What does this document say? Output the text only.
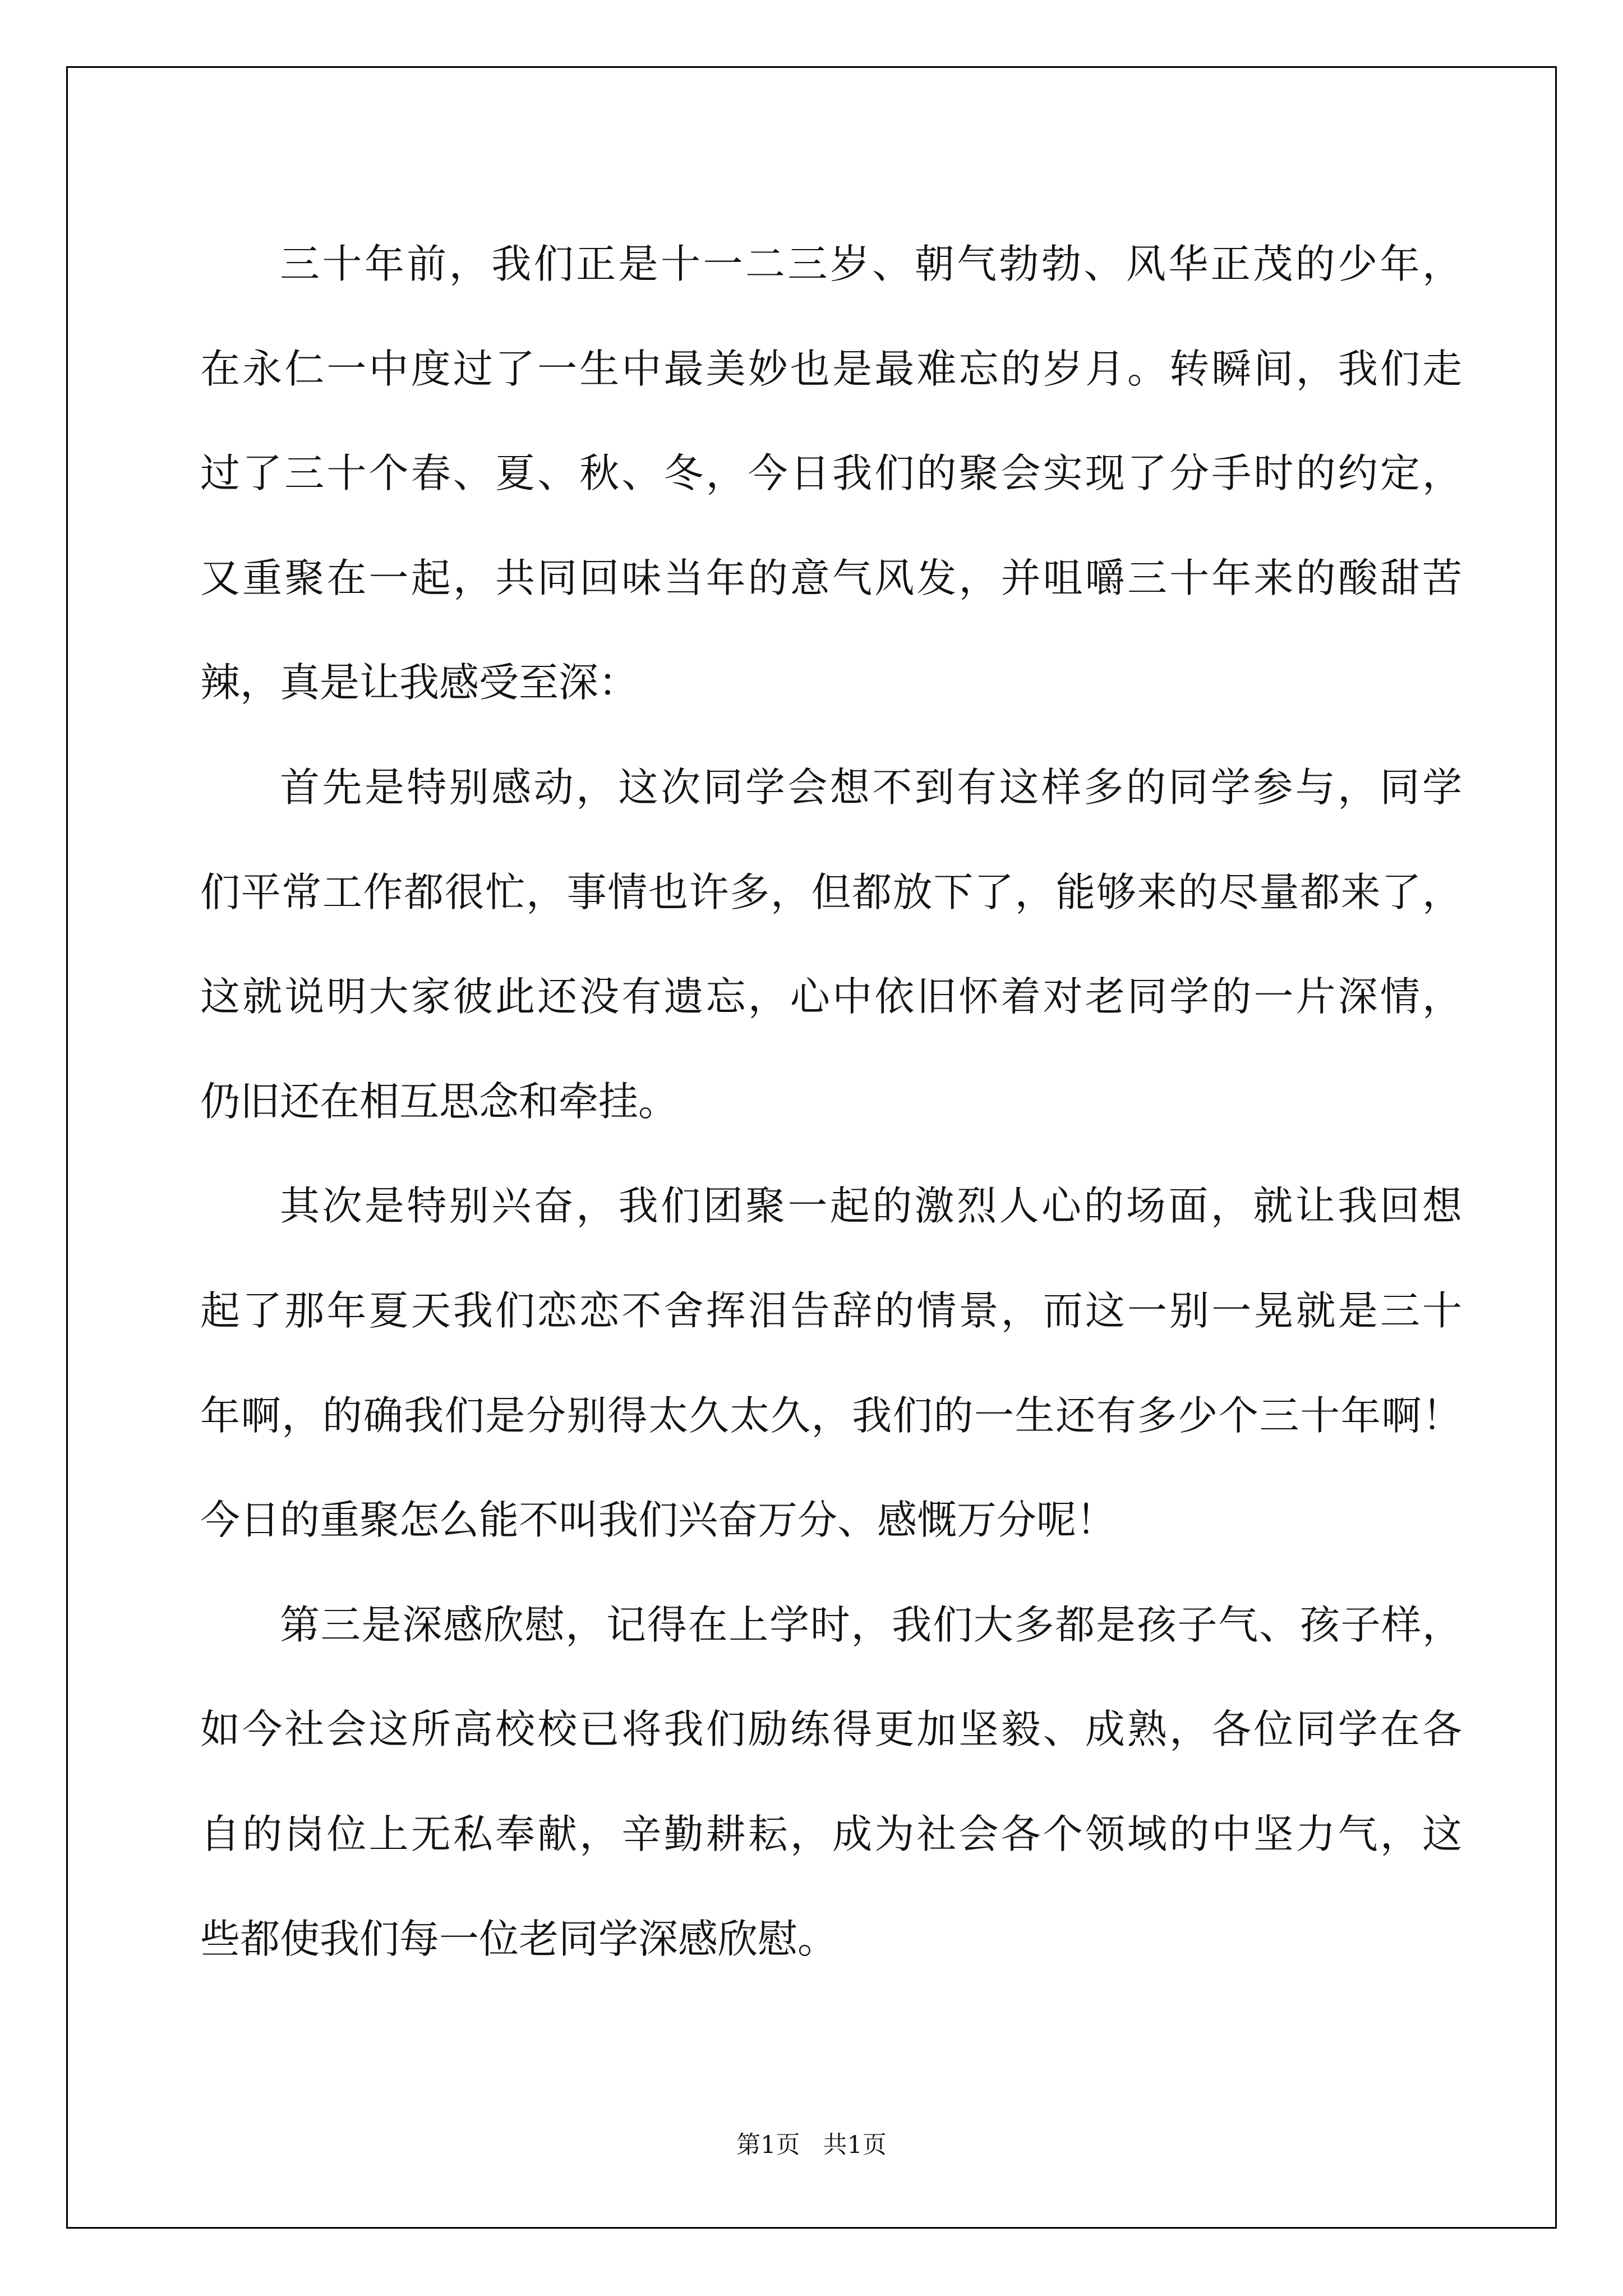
三十年前，我们正是十一二三岁、朝气勃勃、风华正茂的少年，
在永仁一中度过了一生中最美妙也是最难忘的岁月。转瞬间，我们走
过了三十个春、夏、秋、冬，今日我们的聚会实现了分手时的约定，
又重聚在一起，共同回味当年的意气风发，并咀嚼三十年来的酸甜苦
辣，真是让我感受至深：

首先是特别感动，这次同学会想不到有这样多的同学参与，同学
们平常工作都很忙，事情也许多，但都放下了，能够来的尽量都来了，
这就说明大家彼此还没有遗忘，心中依旧怀着对老同学的一片深情，
仍旧还在相互思念和牵挂。

其次是特别兴奋，我们团聚一起的激烈人心的场面，就让我回想
起了那年夏天我们恋恋不舍挥泪告辞的情景，而这一别一晃就是三十
年啊，的确我们是分别得太久太久，我们的一生还有多少个三十年啊！
今日的重聚怎么能不叫我们兴奋万分、感慨万分呢！

第三是深感欣慰，记得在上学时，我们大多都是孩子气、孩子样，
如今社会这所高校校已将我们励练得更加坚毅、成熟，各位同学在各
自的岗位上无私奉献，辛勤耕耘，成为社会各个领域的中坚力气，这
些都使我们每一位老同学深感欣慰。

第1页   共1页
